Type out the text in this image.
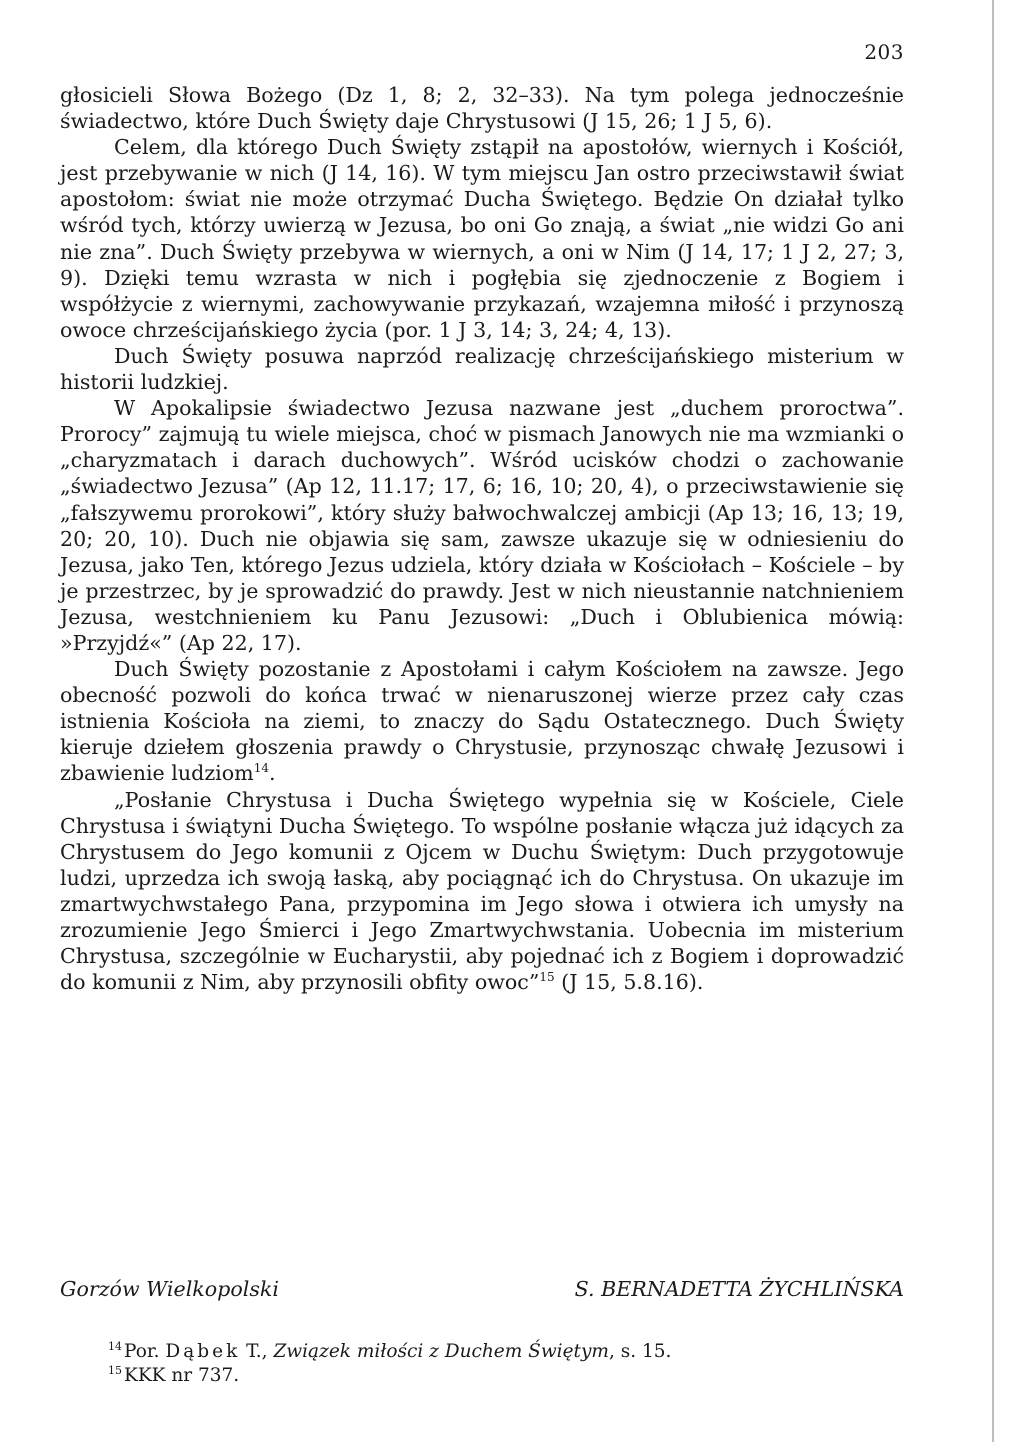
203

głosicieli Słowa Bożego (Dz 1, 8; 2, 32–33). Na tym polega jednocześnie świadectwo, które Duch Święty daje Chrystusowi (J 15, 26; 1 J 5, 6).

Celem, dla którego Duch Święty zstąpił na apostołów, wiernych i Kościół, jest przebywanie w nich (J 14, 16). W tym miejscu Jan ostro przeciwstawił świat apostołom: świat nie może otrzymać Ducha Świętego. Będzie On działał tylko wśród tych, którzy uwierzą w Jezusa, bo oni Go znają, a świat „nie widzi Go ani nie zna”. Duch Święty przebywa w wiernych, a oni w Nim (J 14, 17; 1 J 2, 27; 3, 9). Dzięki temu wzrasta w nich i pogłębia się zjednoczenie z Bogiem i współżycie z wiernymi, zachowywanie przykazań, wzajemna miłość i przynoszą owoce chrześcijańskiego życia (por. 1 J 3, 14; 3, 24; 4, 13).

Duch Święty posuwa naprzód realizację chrześcijańskiego misterium w historii ludzkiej.

W Apokalipsie świadectwo Jezusa nazwane jest „duchem proroctwa”. Prorocy” zajmują tu wiele miejsca, choć w pismach Janowych nie ma wzmianki o „charyzmatach i darach duchowych”. Wśród ucisków chodzi o zachowanie „świadectwo Jezusa” (Ap 12, 11.17; 17, 6; 16, 10; 20, 4), o przeciwstawienie się „fałszywemu prorokowi”, który służy bałwochwalczej ambicji (Ap 13; 16, 13; 19, 20; 20, 10). Duch nie objawia się sam, zawsze ukazuje się w odniesieniu do Jezusa, jako Ten, którego Jezus udziela, który działa w Kościołach – Kościele – by je przestrzec, by je sprowadzić do prawdy. Jest w nich nieustannie natchnieniem Jezusa, westchnieniem ku Panu Jezusowi: „Duch i Oblubienica mówią: »Przyjdź«” (Ap 22, 17).

Duch Święty pozostanie z Apostołami i całym Kościołem na zawsze. Jego obecność pozwoli do końca trwać w nienaruszonej wierze przez cały czas istnienia Kościoła na ziemi, to znaczy do Sądu Ostatecznego. Duch Święty kieruje dziełem głoszenia prawdy o Chrystusie, przynosząc chwałę Jezusowi i zbawienie ludziom$^{14}$.

„Posłanie Chrystusa i Ducha Świętego wypełnia się w Kościele, Ciele Chrystusa i świątyni Ducha Świętego. To wspólne posłanie włącza już idących za Chrystusem do Jego komunii z Ojcem w Duchu Świętym: Duch przygotowuje ludzi, uprzedza ich swoją łaską, aby pociągnąć ich do Chrystusa. On ukazuje im zmartwychwstałego Pana, przypomina im Jego słowa i otwiera ich umysły na zrozumienie Jego Śmierci i Jego Zmartwychwstania. Uobecnia im misterium Chrystusa, szczególnie w Eucharystii, aby pojednać ich z Bogiem i doprowadzić do komunii z Nim, aby przynosili obfity owoc”$^{15}$ (J 15, 5.8.16).

Gorzów Wielkopolski	S. BERNADETTA ŻYCHLIŃSKA
$^{14}$ Por. Dąbek T., Związek miłości z Duchem Świętym, s. 15.
$^{15}$ KKK nr 737.
